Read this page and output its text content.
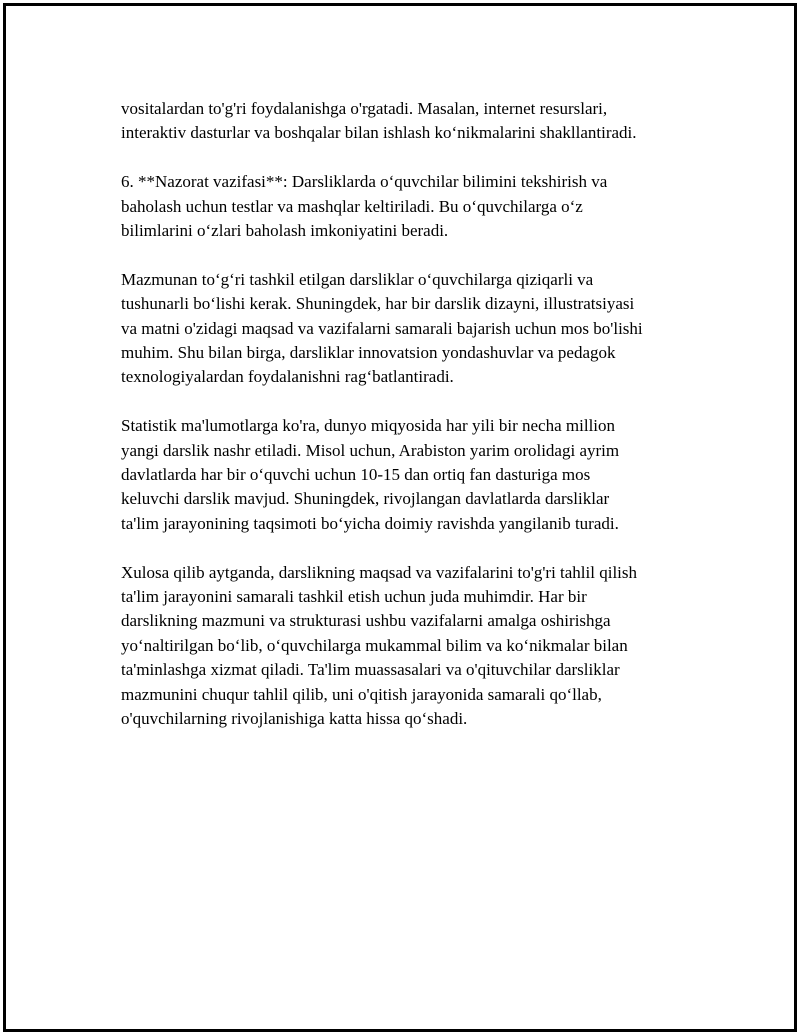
vositalardan to'g'ri foydalanishga o'rgatadi. Masalan, internet resurslari,
interaktiv dasturlar va boshqalar bilan ishlash ko‘nikmalarini shakllantiradi.

6. **Nazorat vazifasi**: Darsliklarda o‘quvchilar bilimini tekshirish va
baholash uchun testlar va mashqlar keltiriladi. Bu o‘quvchilarga o‘z
bilimlarini o‘zlari baholash imkoniyatini beradi.

Mazmunan to‘g‘ri tashkil etilgan darsliklar o‘quvchilarga qiziqarli va
tushunarli bo‘lishi kerak. Shuningdek, har bir darslik dizayni, illustratsiyasi
va matni o'zidagi maqsad va vazifalarni samarali bajarish uchun mos bo'lishi
muhim. Shu bilan birga, darsliklar innovatsion yondashuvlar va pedagok
texnologiyalardan foydalanishni rag‘batlantiradi.

Statistik ma'lumotlarga ko'ra, dunyo miqyosida har yili bir necha million
yangi darslik nashr etiladi. Misol uchun, Arabiston yarim orolidagi ayrim
davlatlarda har bir o‘quvchi uchun 10-15 dan ortiq fan dasturiga mos
keluvchi darslik mavjud. Shuningdek, rivojlangan davlatlarda darsliklar
ta'lim jarayonining taqsimoti bo‘yicha doimiy ravishda yangilanib turadi.

Xulosa qilib aytganda, darslikning maqsad va vazifalarini to'g'ri tahlil qilish
ta'lim jarayonini samarali tashkil etish uchun juda muhimdir. Har bir
darslikning mazmuni va strukturasi ushbu vazifalarni amalga oshirishga
yo‘naltirilgan bo‘lib, o‘quvchilarga mukammal bilim va ko‘nikmalar bilan
ta'minlashga xizmat qiladi. Ta'lim muassasalari va o'qituvchilar darsliklar
mazmunini chuqur tahlil qilib, uni o'qitish jarayonida samarali qo‘llab,
o'quvchilarning rivojlanishiga katta hissa qo‘shadi.
